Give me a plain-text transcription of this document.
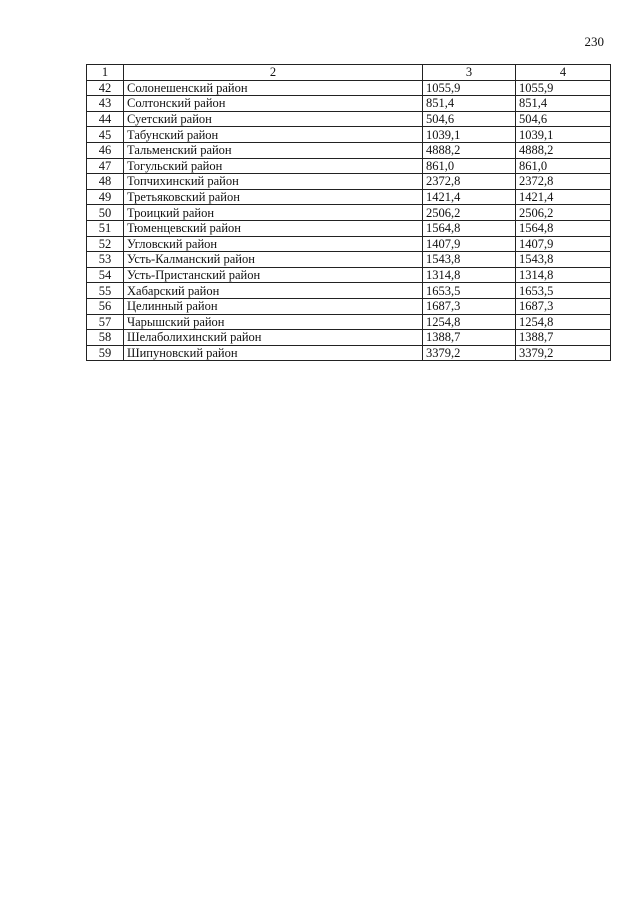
230
1	2	3	4
42	Солонешенский район	1055,9	1055,9
43	Солтонский район	851,4	851,4
44	Суетский район	504,6	504,6
45	Табунский район	1039,1	1039,1
46	Тальменский район	4888,2	4888,2
47	Тогульский район	861,0	861,0
48	Топчихинский район	2372,8	2372,8
49	Третьяковский район	1421,4	1421,4
50	Троицкий район	2506,2	2506,2
51	Тюменцевский район	1564,8	1564,8
52	Угловский район	1407,9	1407,9
53	Усть-Калманский район	1543,8	1543,8
54	Усть-Пристанский район	1314,8	1314,8
55	Хабарский район	1653,5	1653,5
56	Целинный район	1687,3	1687,3
57	Чарышский район	1254,8	1254,8
58	Шелаболихинский район	1388,7	1388,7
59	Шипуновский район	3379,2	3379,2
